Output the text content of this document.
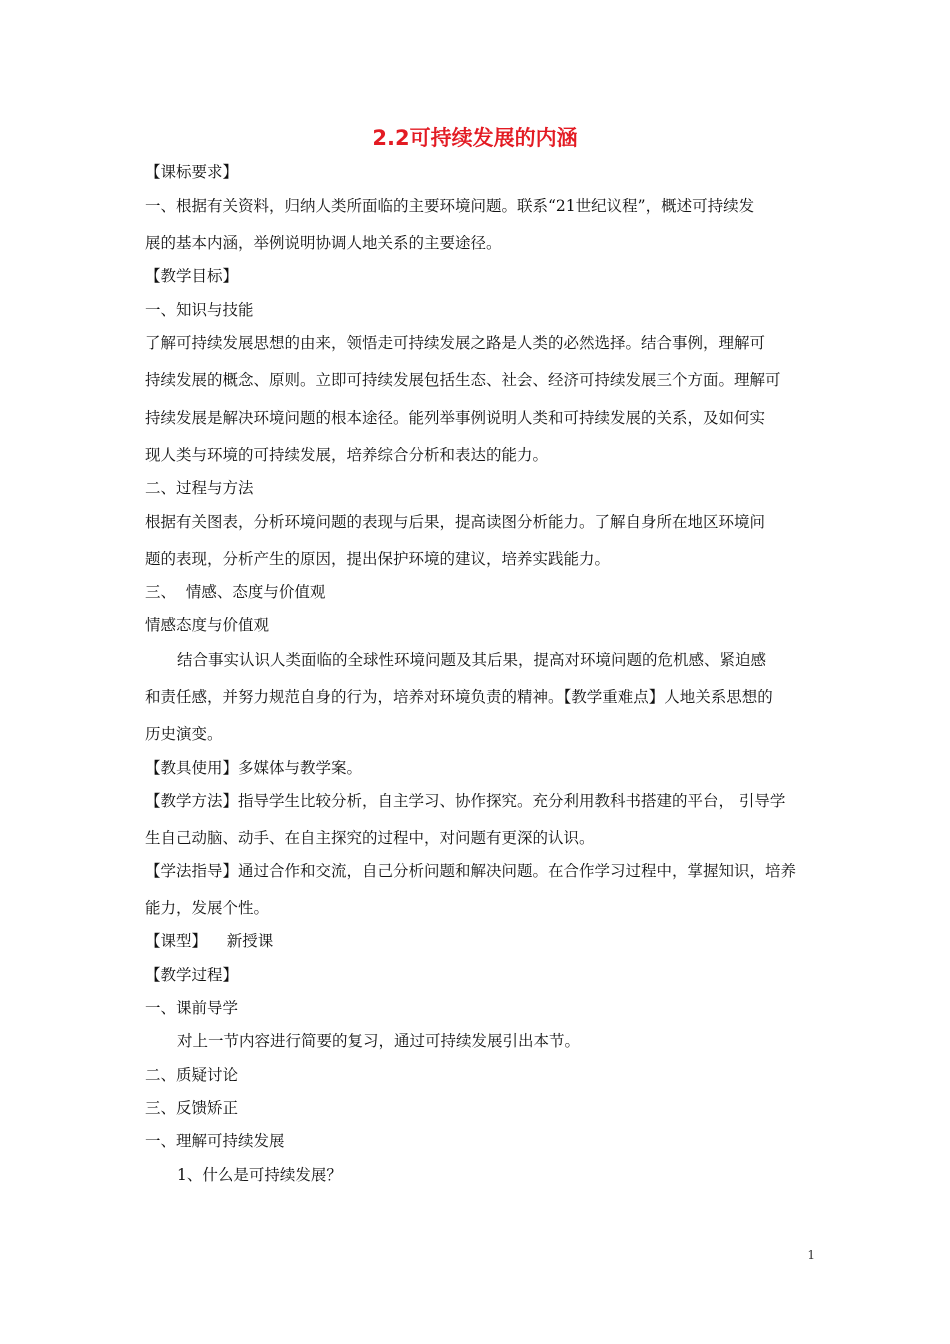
2.2可持续发展的内涵
【课标要求】
一、根据有关资料，归纳人类所面临的主要环境问题。联系“21世纪议程”，概述可持续发
展的基本内涵，举例说明协调人地关系的主要途径。
【教学目标】
一、知识与技能
了解可持续发展思想的由来，领悟走可持续发展之路是人类的必然选择。结合事例，理解可
持续发展的概念、原则。立即可持续发展包括生态、社会、经济可持续发展三个方面。理解可
持续发展是解决环境问题的根本途径。能列举事例说明人类和可持续发展的关系，及如何实
现人类与环境的可持续发展，培养综合分析和表达的能力。
二、过程与方法
根据有关图表，分析环境问题的表现与后果，提高读图分析能力。了解自身所在地区环境问
题的表现，分析产生的原因，提出保护环境的建议，培养实践能力。
三、  情感、态度与价值观
情感态度与价值观
结合事实认识人类面临的全球性环境问题及其后果，提高对环境问题的危机感、紧迫感
和责任感，并努力规范自身的行为，培养对环境负责的精神。【教学重难点】人地关系思想的
历史演变。
【教具使用】多媒体与教学案。
【教学方法】指导学生比较分析，自主学习、协作探究。充分利用教科书搭建的平台， 引导学
生自己动脑、动手、在自主探究的过程中，对问题有更深的认识。
【学法指导】通过合作和交流，自己分析问题和解决问题。在合作学习过程中，掌握知识，培养
能力，发展个性。
【课型】    新授课
【教学过程】
一、课前导学
对上一节内容进行简要的复习，通过可持续发展引出本节。
二、质疑讨论
三、反馈矫正
一、理解可持续发展
1、什么是可持续发展？
1
